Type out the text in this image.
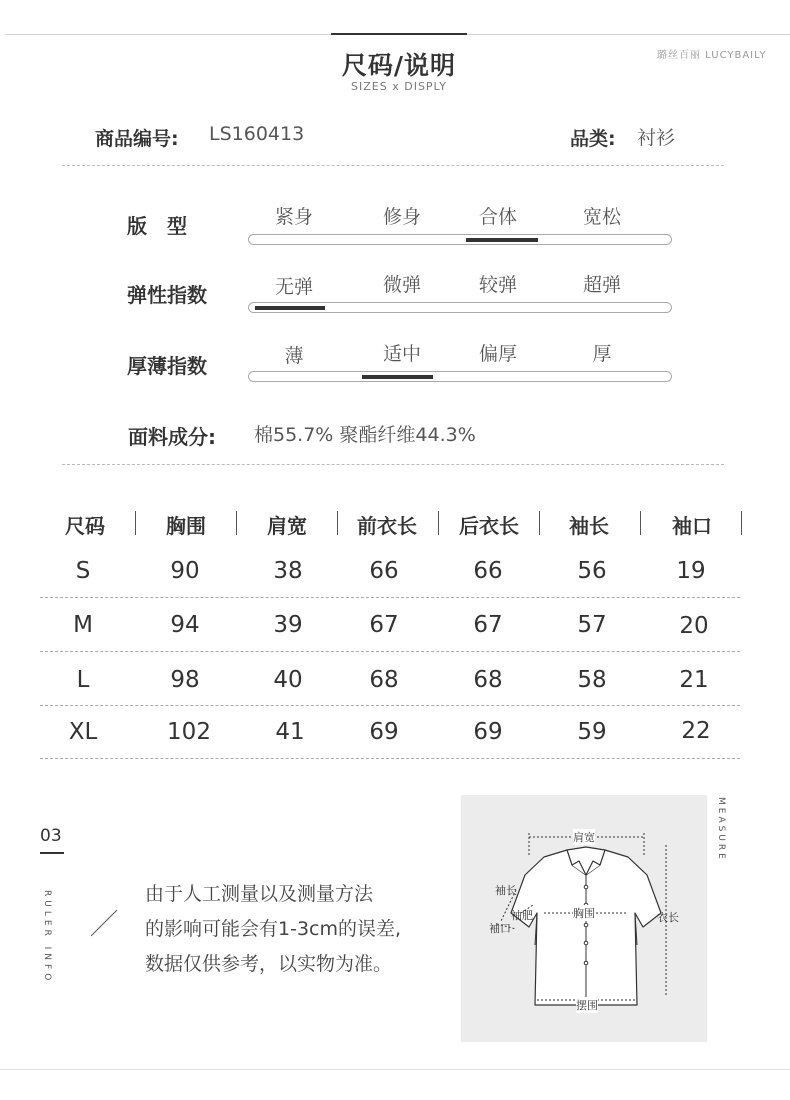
尺码/说明
SIZES x DISPLY
璐丝百丽 LUCYBAILY
商品编号: LS160413	品类: 衬衫
版　型	紧身	修身	合体	宽松
弹性指数	无弹	微弹	较弹	超弹
厚薄指数	薄	适中	偏厚	厚
面料成分: 棉55.7% 聚酯纤维44.3%
尺码	胸围	肩宽	前衣长	后衣长	袖长	袖口
S	90	38	66	66	56	19
M	94	39	67	67	57	20
L	98	40	68	68	58	21
XL	102	41	69	69	59	22
03
RULER INFO	由于人工测量以及测量方法
的影响可能会有1-3cm的误差,
数据仅供参考，以实物为准。
肩宽
袖长
袖肥
袖口
胸围	衣长
摆围
MEASURE
